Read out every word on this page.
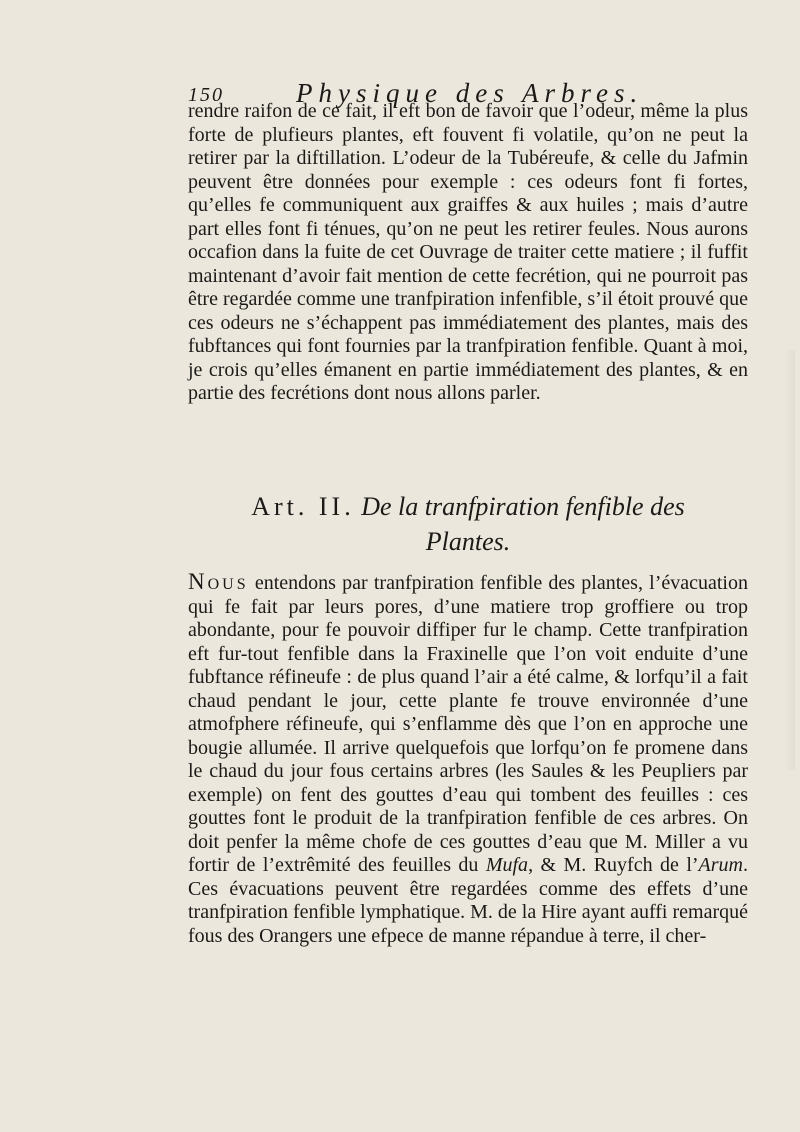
150	Physique des Arbres.

rendre raifon de ce fait, il eft bon de favoir que l’odeur, même la plus forte de plufieurs plantes, eft fouvent fi volatile, qu’on ne peut la retirer par la diftillation. L’odeur de la Tubéreufe, & celle du Jafmin peuvent être données pour exemple : ces odeurs font fi fortes, qu’elles fe communiquent aux graiffes & aux huiles ; mais d’autre part elles font fi ténues, qu’on ne peut les retirer feules. Nous aurons occafion dans la fuite de cet Ouvrage de traiter cette matiere ; il fuffit maintenant d’avoir fait mention de cette fecrétion, qui ne pourroit pas être regardée comme une tranfpiration infenfible, s’il étoit prouvé que ces odeurs ne s’échappent pas immédiatement des plantes, mais des fubftances qui font fournies par la tranfpiration fenfible. Quant à moi, je crois qu’elles émanent en partie immédiatement des plantes, & en partie des fecrétions dont nous allons parler.

Art. II. De la tranfpiration fenfible des
Plantes.

Nous entendons par tranfpiration fenfible des plantes, l’évacuation qui fe fait par leurs pores, d’une matiere trop groffiere ou trop abondante, pour fe pouvoir diffiper fur le champ. Cette tranfpiration eft fur-tout fenfible dans la Fraxinelle que l’on voit enduite d’une fubftance réfineufe : de plus quand l’air a été calme, & lorfqu’il a fait chaud pendant le jour, cette plante fe trouve environnée d’une atmofphere réfineufe, qui s’enflamme dès que l’on en approche une bougie allumée. Il arrive quelquefois que lorfqu’on fe promene dans le chaud du jour fous certains arbres (les Saules & les Peupliers par exemple) on fent des gouttes d’eau qui tombent des feuilles : ces gouttes font le produit de la tranfpiration fenfible de ces arbres. On doit penfer la même chofe de ces gouttes d’eau que M. Miller a vu fortir de l’extrêmité des feuilles du Mufa, & M. Ruyfch de l’Arum. Ces évacuations peuvent être regardées comme des effets d’une tranfpiration fenfible lymphatique. M. de la Hire ayant auffi remarqué fous des Orangers une efpece de manne répandue à terre, il cher-
